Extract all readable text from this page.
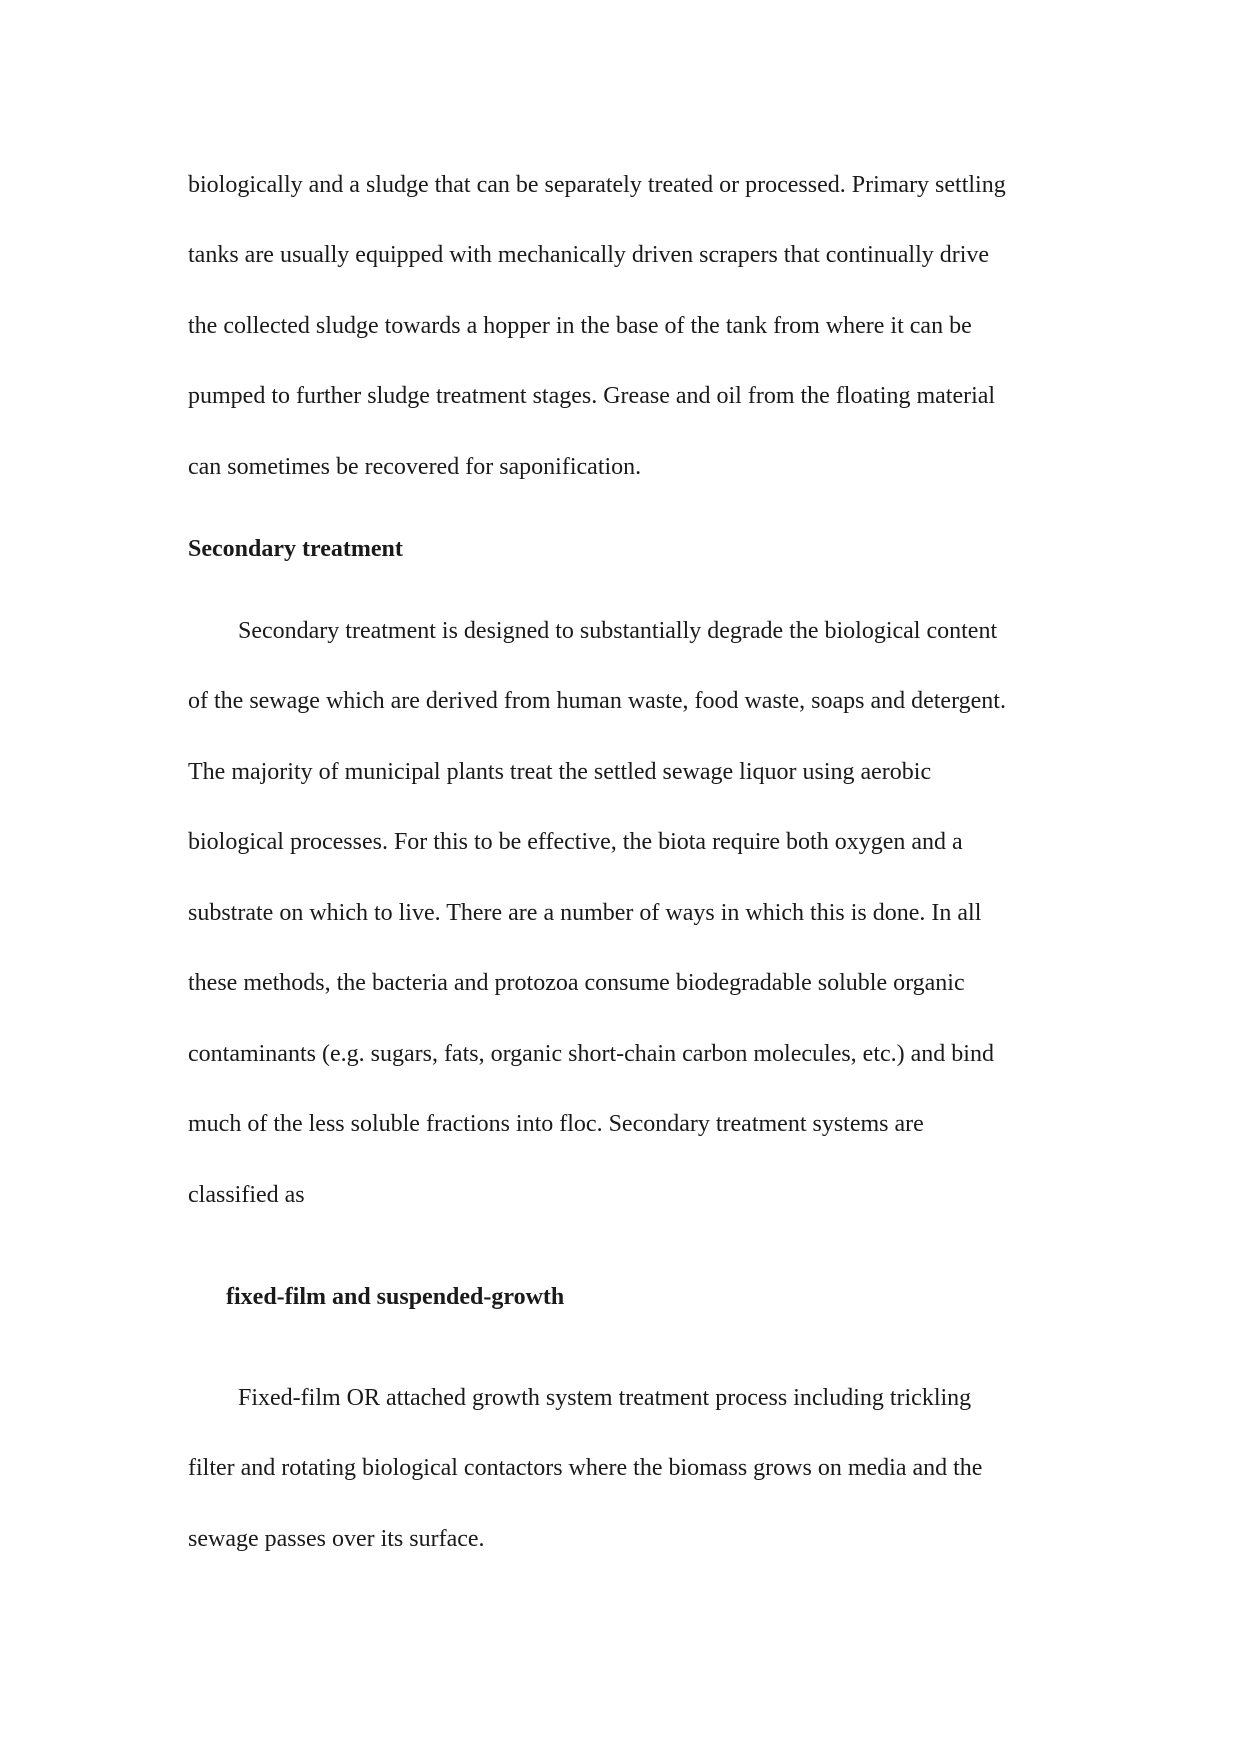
biologically and a sludge that can be separately treated or processed. Primary settling
tanks are usually equipped with mechanically driven scrapers that continually drive
the collected sludge towards a hopper in the base of the tank from where it can be
pumped to further sludge treatment stages. Grease and oil from the floating material
can sometimes be recovered for saponification.
Secondary treatment
Secondary treatment is designed to substantially degrade the biological content
of the sewage which are derived from human waste, food waste, soaps and detergent.
The majority of municipal plants treat the settled sewage liquor using aerobic
biological processes. For this to be effective, the biota require both oxygen and a
substrate on which to live. There are a number of ways in which this is done. In all
these methods, the bacteria and protozoa consume biodegradable soluble organic
contaminants (e.g. sugars, fats, organic short-chain carbon molecules, etc.) and bind
much of the less soluble fractions into floc. Secondary treatment systems are
classified as
fixed-film and suspended-growth
Fixed-film OR attached growth system treatment process including trickling
filter and rotating biological contactors where the biomass grows on media and the
sewage passes over its surface.
